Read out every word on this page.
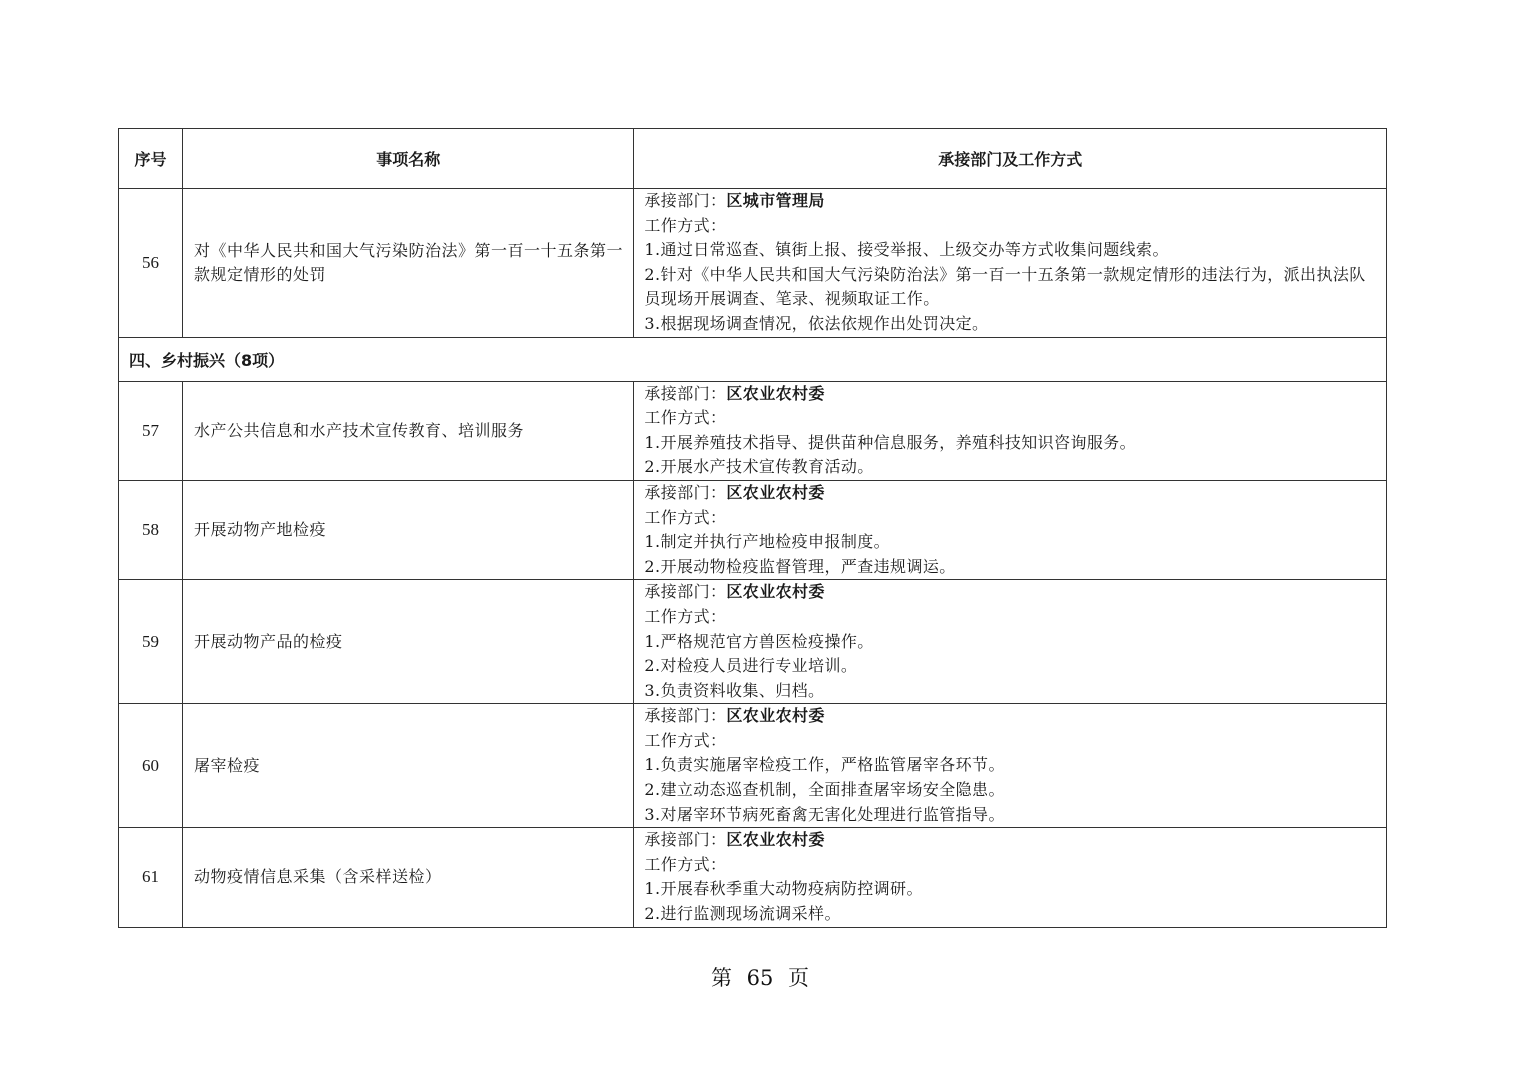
序号	事项名称	承接部门及工作方式
56	对《中华人民共和国大气污染防治法》第一百一十五条第一款规定情形的处罚	承接部门：区城市管理局
工作方式：
1.通过日常巡查、镇街上报、接受举报、上级交办等方式收集问题线索。
2.针对《中华人民共和国大气污染防治法》第一百一十五条第一款规定情形的违法行为，派出执法队员现场开展调查、笔录、视频取证工作。
3.根据现场调查情况，依法依规作出处罚决定。

四、乡村振兴（8项）		
57	水产公共信息和水产技术宣传教育、培训服务	承接部门：区农业农村委
工作方式：
1.开展养殖技术指导、提供苗种信息服务，养殖科技知识咨询服务。
2.开展水产技术宣传教育活动。

58	开展动物产地检疫	承接部门：区农业农村委
工作方式：
1.制定并执行产地检疫申报制度。
2.开展动物检疫监督管理，严查违规调运。

59	开展动物产品的检疫	承接部门：区农业农村委
工作方式：
1.严格规范官方兽医检疫操作。
2.对检疫人员进行专业培训。
3.负责资料收集、归档。

60	屠宰检疫	承接部门：区农业农村委
工作方式：
1.负责实施屠宰检疫工作，严格监管屠宰各环节。
2.建立动态巡查机制，全面排查屠宰场安全隐患。
3.对屠宰环节病死畜禽无害化处理进行监管指导。

61	动物疫情信息采集（含采样送检）	承接部门：区农业农村委
工作方式：
1.开展春秋季重大动物疫病防控调研。
2.进行监测现场流调采样。
第 65 页
